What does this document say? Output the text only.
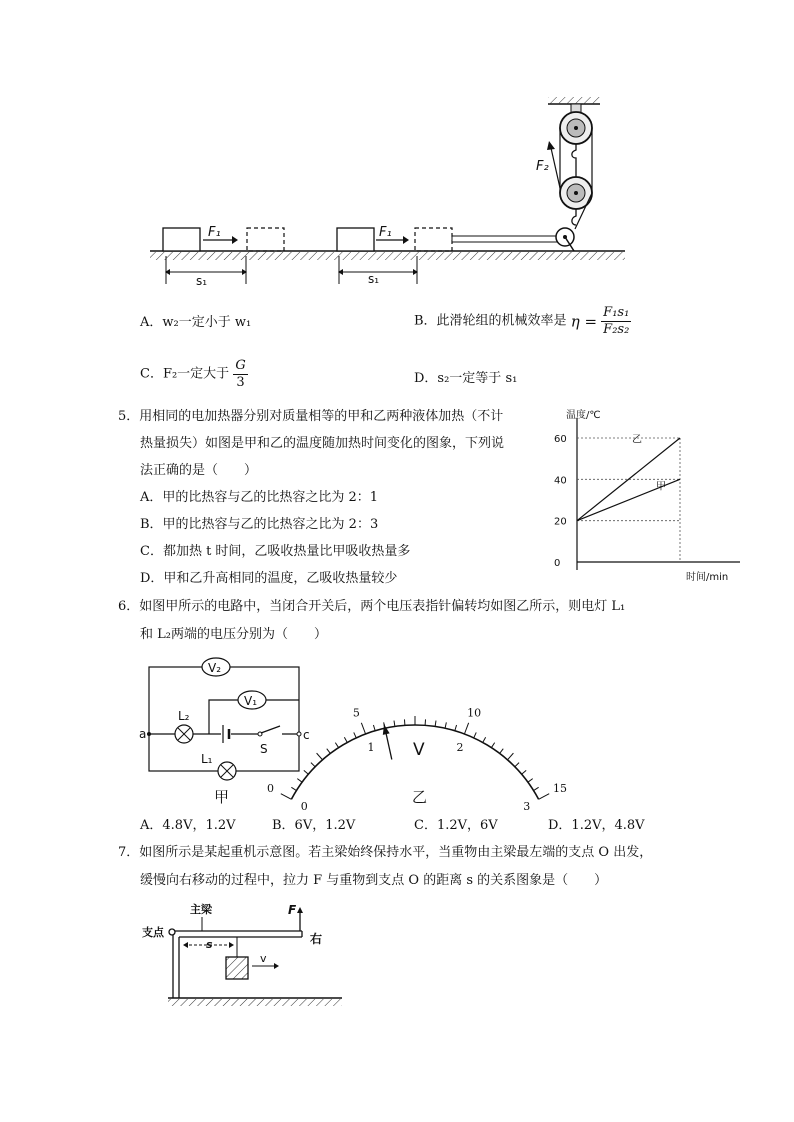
F₁
s₁
F₁
s₁
F₂
A．w₂一定小于 w₁	B．此滑轮组的机械效率是 $\eta = \frac{\text{F₁s₁}}{\text{F₂s₂}}$
C．F₂一定大于 $\frac{G}{3}$	D．s₂一定等于 s₁
5．用相同的电加热器分别对质量相等的甲和乙两种液体加热（不计
热量损失）如图是甲和乙的温度随加热时间变化的图象，下列说
法正确的是（　　）
A．甲的比热容与乙的比热容之比为 2：1
B．甲的比热容与乙的比热容之比为 2：3
C．都加热 t 时间，乙吸收热量比甲吸收热量多
D．甲和乙升高相同的温度，乙吸收热量较少
温度/℃
时间/min
0
20
40
60	乙
甲
6．如图甲所示的电路中，当闭合开关后，两个电压表指针偏转均如图乙所示，则电灯 L₁
和 L₂两端的电压分别为（　　）
V₂
V₁
L₂
S
a	c
L₁
甲	0
5	10
15
0
1	2
3
V
乙
A．4.8V，1.2V	B．6V，1.2V	C．1.2V，6V	D．1.2V，4.8V
7．如图所示是某起重机示意图。若主梁始终保持水平，当重物由主梁最左端的支点 O 出发，
缓慢向右移动的过程中，拉力 F 与重物到支点 O 的距离 s 的关系图象是（　　）
支点
主梁	F
右
s
v
